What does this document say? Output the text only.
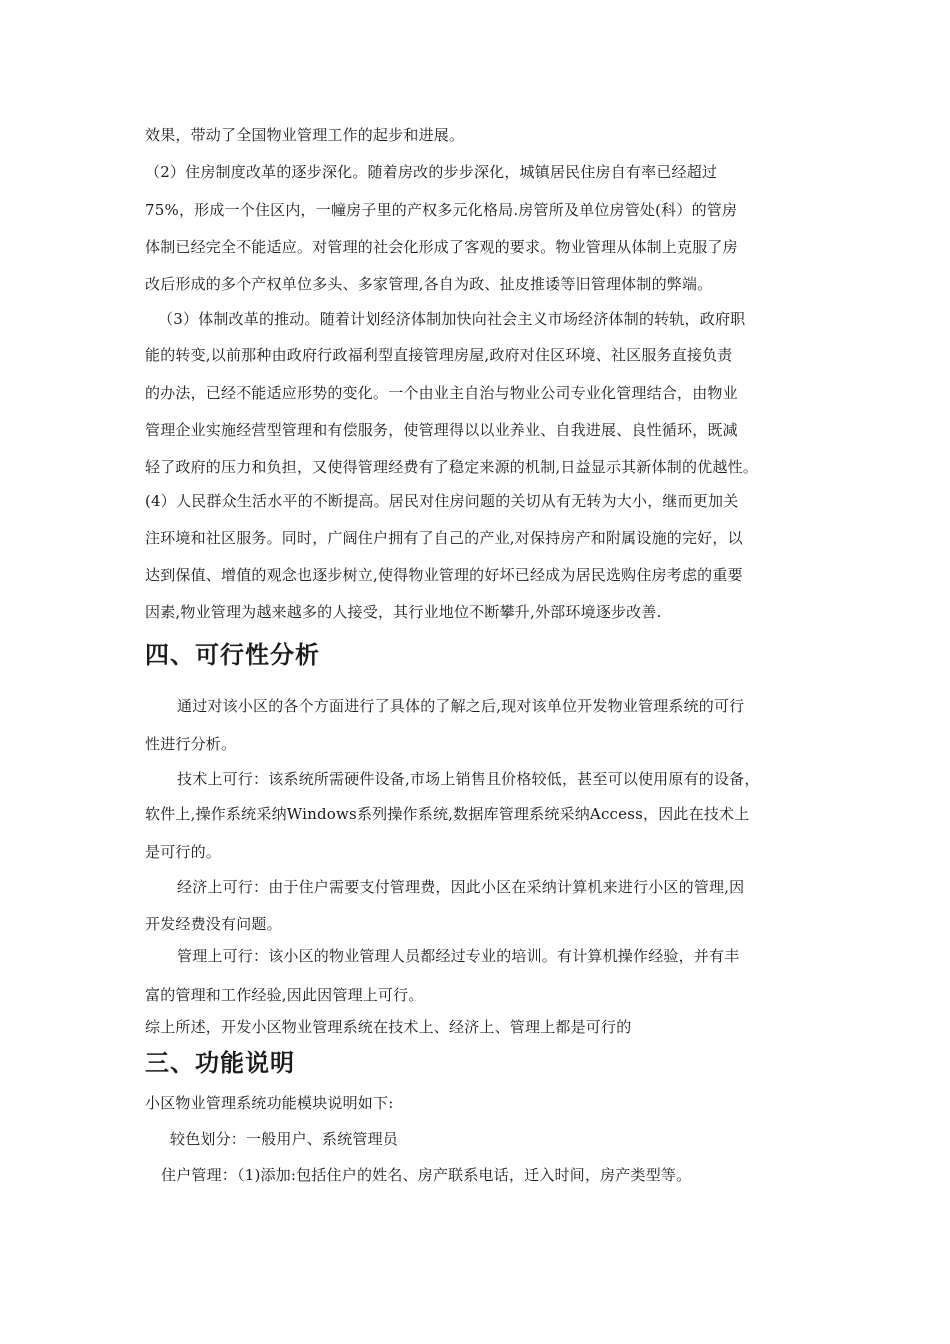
效果，带动了全国物业管理工作的起步和进展。
（2）住房制度改革的逐步深化。随着房改的步步深化，城镇居民住房自有率已经超过
75%，形成一个住区内，一幢房子里的产权多元化格局.房管所及单位房管处(科）的管房
体制已经完全不能适应。对管理的社会化形成了客观的要求。物业管理从体制上克服了房
改后形成的多个产权单位多头、多家管理,各自为政、扯皮推诿等旧管理体制的弊端。
（3）体制改革的推动。随着计划经济体制加快向社会主义市场经济体制的转轨，政府职
能的转变,以前那种由政府行政福利型直接管理房屋,政府对住区环境、社区服务直接负责
的办法，已经不能适应形势的变化。一个由业主自治与物业公司专业化管理结合，由物业
管理企业实施经营型管理和有偿服务，使管理得以以业养业、自我进展、良性循环，既减
轻了政府的压力和负担，又使得管理经费有了稳定来源的机制,日益显示其新体制的优越性。
(4）人民群众生活水平的不断提高。居民对住房问题的关切从有无转为大小，继而更加关
注环境和社区服务。同时，广阔住户拥有了自己的产业,对保持房产和附属设施的完好，以
达到保值、增值的观念也逐步树立,使得物业管理的好坏已经成为居民选购住房考虑的重要
因素,物业管理为越来越多的人接受，其行业地位不断攀升,外部环境逐步改善.
四、可行性分析
通过对该小区的各个方面进行了具体的了解之后,现对该单位开发物业管理系统的可行
性进行分析。
技术上可行：该系统所需硬件设备,市场上销售且价格较低，甚至可以使用原有的设备，
软件上,操作系统采纳Windows系列操作系统,数据库管理系统采纳Access，因此在技术上
是可行的。
经济上可行：由于住户需要支付管理费，因此小区在采纳计算机来进行小区的管理,因
开发经费没有问题。
管理上可行：该小区的物业管理人员都经过专业的培训。有计算机操作经验，并有丰
富的管理和工作经验,因此因管理上可行。
综上所述，开发小区物业管理系统在技术上、经济上、管理上都是可行的
三、功能说明
小区物业管理系统功能模块说明如下:
较色划分：一般用户、系统管理员
住户管理：（1)添加:包括住户的姓名、房产联系电话，迁入时间，房产类型等。
